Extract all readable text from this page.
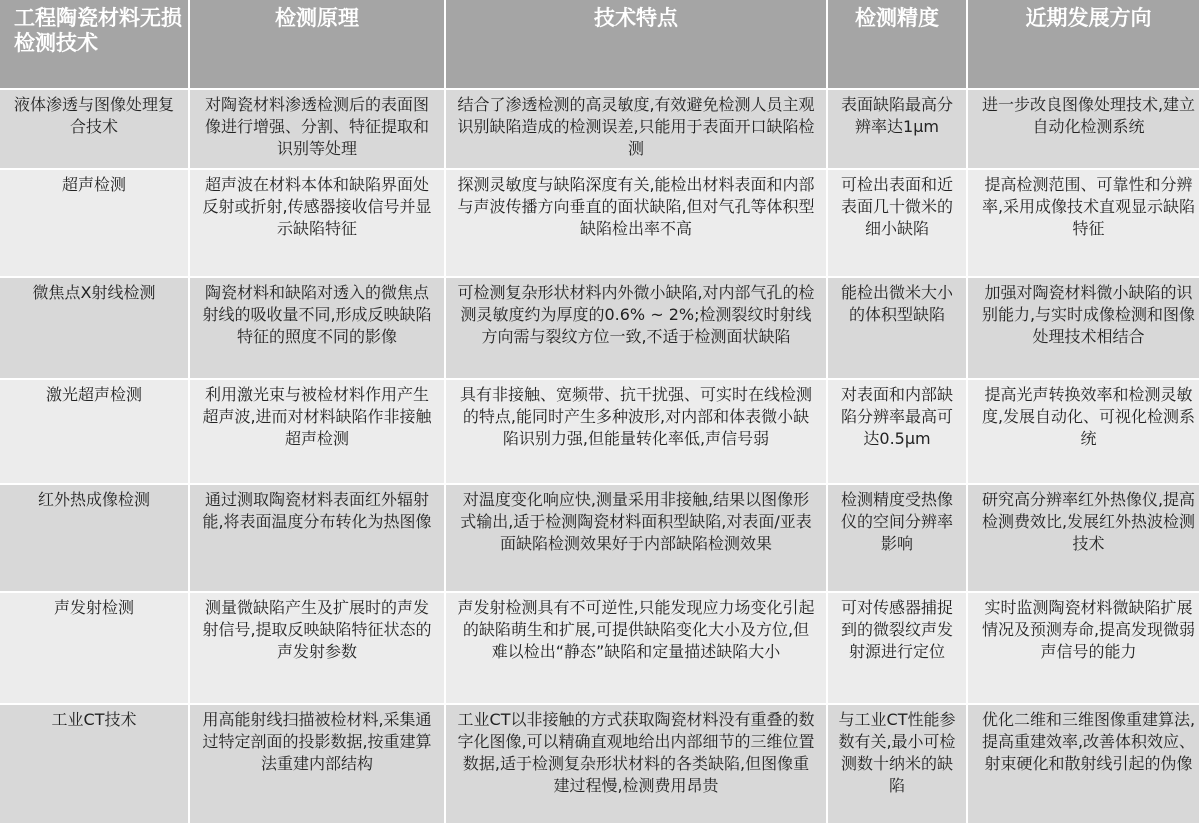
工程陶瓷材料无损检测技术	检测原理	技术特点	检测精度	近期发展方向
液体渗透与图像处理复合技术	对陶瓷材料渗透检测后的表面图像进行增强、分割、特征提取和识别等处理	结合了渗透检测的高灵敏度,有效避免检测人员主观识别缺陷造成的检测误差,只能用于表面开口缺陷检测	表面缺陷最高分辨率达1μm	进一步改良图像处理技术,建立自动化检测系统
超声检测	超声波在材料本体和缺陷界面处反射或折射,传感器接收信号并显示缺陷特征	探测灵敏度与缺陷深度有关,能检出材料表面和内部与声波传播方向垂直的面状缺陷,但对气孔等体积型缺陷检出率不高	可检出表面和近表面几十微米的细小缺陷	提高检测范围、可靠性和分辨率,采用成像技术直观显示缺陷特征
微焦点X射线检测	陶瓷材料和缺陷对透入的微焦点射线的吸收量不同,形成反映缺陷特征的照度不同的影像	可检测复杂形状材料内外微小缺陷,对内部气孔的检测灵敏度约为厚度的0.6% ~ 2%;检测裂纹时射线方向需与裂纹方位一致,不适于检测面状缺陷	能检出微米大小的体积型缺陷	加强对陶瓷材料微小缺陷的识别能力,与实时成像检测和图像处理技术相结合
激光超声检测	利用激光束与被检材料作用产生超声波,进而对材料缺陷作非接触超声检测	具有非接触、宽频带、抗干扰强、可实时在线检测的特点,能同时产生多种波形,对内部和体表微小缺陷识别力强,但能量转化率低,声信号弱	对表面和内部缺陷分辨率最高可达0.5μm	提高光声转换效率和检测灵敏度,发展自动化、可视化检测系统
红外热成像检测	通过测取陶瓷材料表面红外辐射能,将表面温度分布转化为热图像	对温度变化响应快,测量采用非接触,结果以图像形式输出,适于检测陶瓷材料面积型缺陷,对表面/亚表面缺陷检测效果好于内部缺陷检测效果	检测精度受热像仪的空间分辨率影响	研究高分辨率红外热像仪,提高检测费效比,发展红外热波检测技术
声发射检测	测量微缺陷产生及扩展时的声发射信号,提取反映缺陷特征状态的声发射参数	声发射检测具有不可逆性,只能发现应力场变化引起的缺陷萌生和扩展,可提供缺陷变化大小及方位,但难以检出“静态”缺陷和定量描述缺陷大小	可对传感器捕捉到的微裂纹声发射源进行定位	实时监测陶瓷材料微缺陷扩展情况及预测寿命,提高发现微弱声信号的能力
工业CT技术	用高能射线扫描被检材料,采集通过特定剖面的投影数据,按重建算法重建内部结构	工业CT以非接触的方式获取陶瓷材料没有重叠的数字化图像,可以精确直观地给出内部细节的三维位置数据,适于检测复杂形状材料的各类缺陷,但图像重建过程慢,检测费用昂贵	与工业CT性能参数有关,最小可检测数十纳米的缺陷	优化二维和三维图像重建算法,提高重建效率,改善体积效应、射束硬化和散射线引起的伪像
